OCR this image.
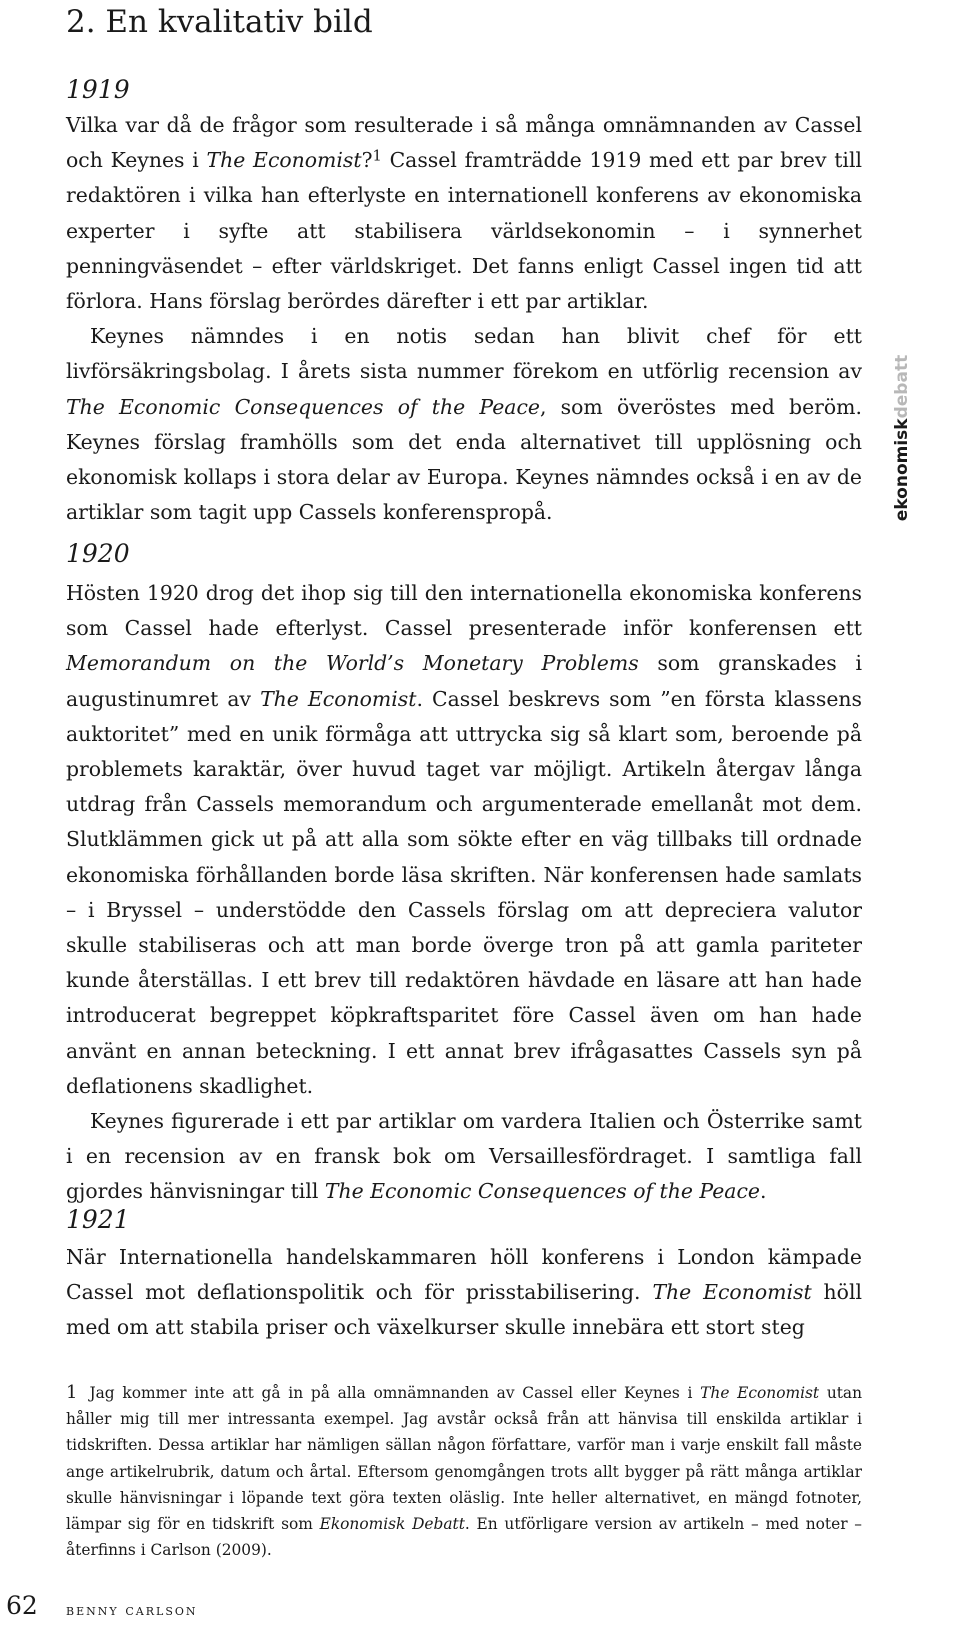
2. En kvalitativ bild
1919

Vilka var då de frågor som resulterade i så många omnämnanden av Cassel och Keynes i The Economist?$^1$ Cassel framträdde 1919 med ett par brev till redaktören i vilka han efterlyste en internationell konferens av ekonomiska experter i syfte att stabilisera världsekonomin – i synnerhet penningväsendet – efter världskriget. Det fanns enligt Cassel ingen tid att förlora. Hans förslag berördes därefter i ett par artiklar.

Keynes nämndes i en notis sedan han blivit chef för ett livförsäkringsbolag. I årets sista nummer förekom en utförlig recension av The Economic Consequences of the Peace, som överöstes med beröm. Keynes förslag framhölls som det enda alternativet till upplösning och ekonomisk kollaps i stora delar av Europa. Keynes nämndes också i en av de artiklar som tagit upp Cassels konferenspropå.

1920

Hösten 1920 drog det ihop sig till den internationella ekonomiska konferens som Cassel hade efterlyst. Cassel presenterade inför konferensen ett Memorandum on the World’s Monetary Problems som granskades i augustinumret av The Economist. Cassel beskrevs som ”en första klassens auktoritet” med en unik förmåga att uttrycka sig så klart som, beroende på problemets karaktär, över huvud taget var möjligt. Artikeln återgav långa utdrag från Cassels memorandum och argumenterade emellanåt mot dem. Slutklämmen gick ut på att alla som sökte efter en väg tillbaks till ordnade ekonomiska förhållanden borde läsa skriften. När konferensen hade samlats – i Bryssel – understödde den Cassels förslag om att depreciera valutor skulle stabiliseras och att man borde överge tron på att gamla pariteter kunde återställas. I ett brev till redaktören hävdade en läsare att han hade introducerat begreppet köpkraftsparitet före Cassel även om han hade använt en annan beteckning. I ett annat brev ifrågasattes Cassels syn på deflationens skadlighet.

Keynes figurerade i ett par artiklar om vardera Italien och Österrike samt i en recension av en fransk bok om Versaillesfördraget. I samtliga fall gjordes hänvisningar till The Economic Consequences of the Peace.

1921

När Internationella handelskammaren höll konferens i London kämpade Cassel mot deflationspolitik och för prisstabilisering. The Economist höll med om att stabila priser och växelkurser skulle innebära ett stort steg

1 Jag kommer inte att gå in på alla omnämnanden av Cassel eller Keynes i The Economist utan håller mig till mer intressanta exempel. Jag avstår också från att hänvisa till enskilda artiklar i tidskriften. Dessa artiklar har nämligen sällan någon författare, varför man i varje enskilt fall måste ange artikelrubrik, datum och årtal. Eftersom genomgången trots allt bygger på rätt många artiklar skulle hänvisningar i löpande text göra texten oläslig. Inte heller alternativet, en mängd fotnoter, lämpar sig för en tidskrift som Ekonomisk Debatt. En utförligare version av artikeln – med noter – återfinns i Carlson (2009).

ekonomiskdebatt
62 benny carlson
